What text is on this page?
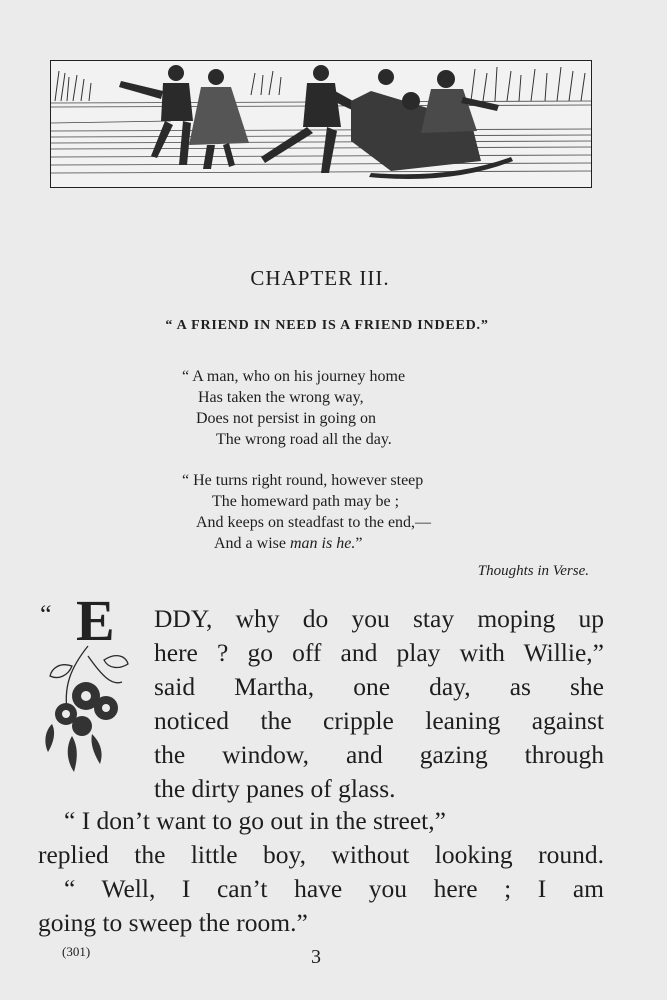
CHAPTER III.
“ A FRIEND IN NEED IS A FRIEND INDEED.”
“ A man, who on his journey home
Has taken the wrong way,
Does not persist in going on
The wrong road all the day.
“ He turns right round, however steep
The homeward path may be ;
And keeps on steadfast to the end,—
And a wise man is he.”
Thoughts in Verse.
“ E DDY, why do you stay moping up
here ? go off and play with Willie,”
said Martha, one day, as she
noticed the cripple leaning against
the window, and gazing through
the dirty panes of glass.
“ I don’t want to go out in the street,”
replied the little boy, without looking round.
“ Well, I can’t have you here ; I am
going to sweep the room.”
(301)	3
